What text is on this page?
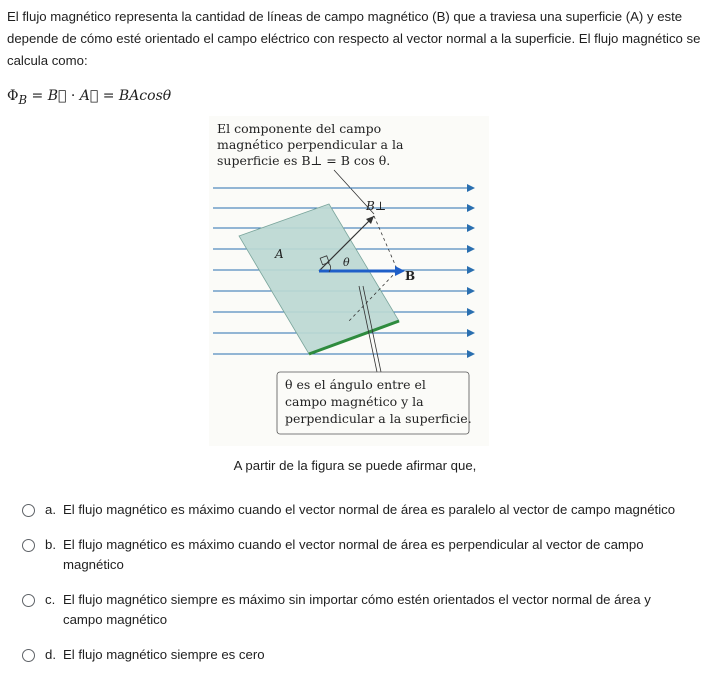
El flujo magnético representa la cantidad de líneas de campo magnético (B) que a traviesa una superficie (A) y este depende de cómo esté orientado el campo eléctrico con respecto al vector normal a la superficie. El flujo magnético se calcula como:
$\Phi_B$ = B⃗ · A⃗ = BAcosθ
El componente del campo
magnético perpendicular a la
superficie es B⊥ = B cos θ.
B⊥
A
θ
B
θ es el ángulo entre el
campo magnético y la
perpendicular a la superficie.
A partir de la figura se puede afirmar que,
a. El flujo magnético es máximo cuando el vector normal de área es paralelo al vector de campo magnético
b. El flujo magnético es máximo cuando el vector normal de área es perpendicular al vector de campo magnético
c. El flujo magnético siempre es máximo sin importar cómo estén orientados el vector normal de área y campo magnético
d. El flujo magnético siempre es cero
